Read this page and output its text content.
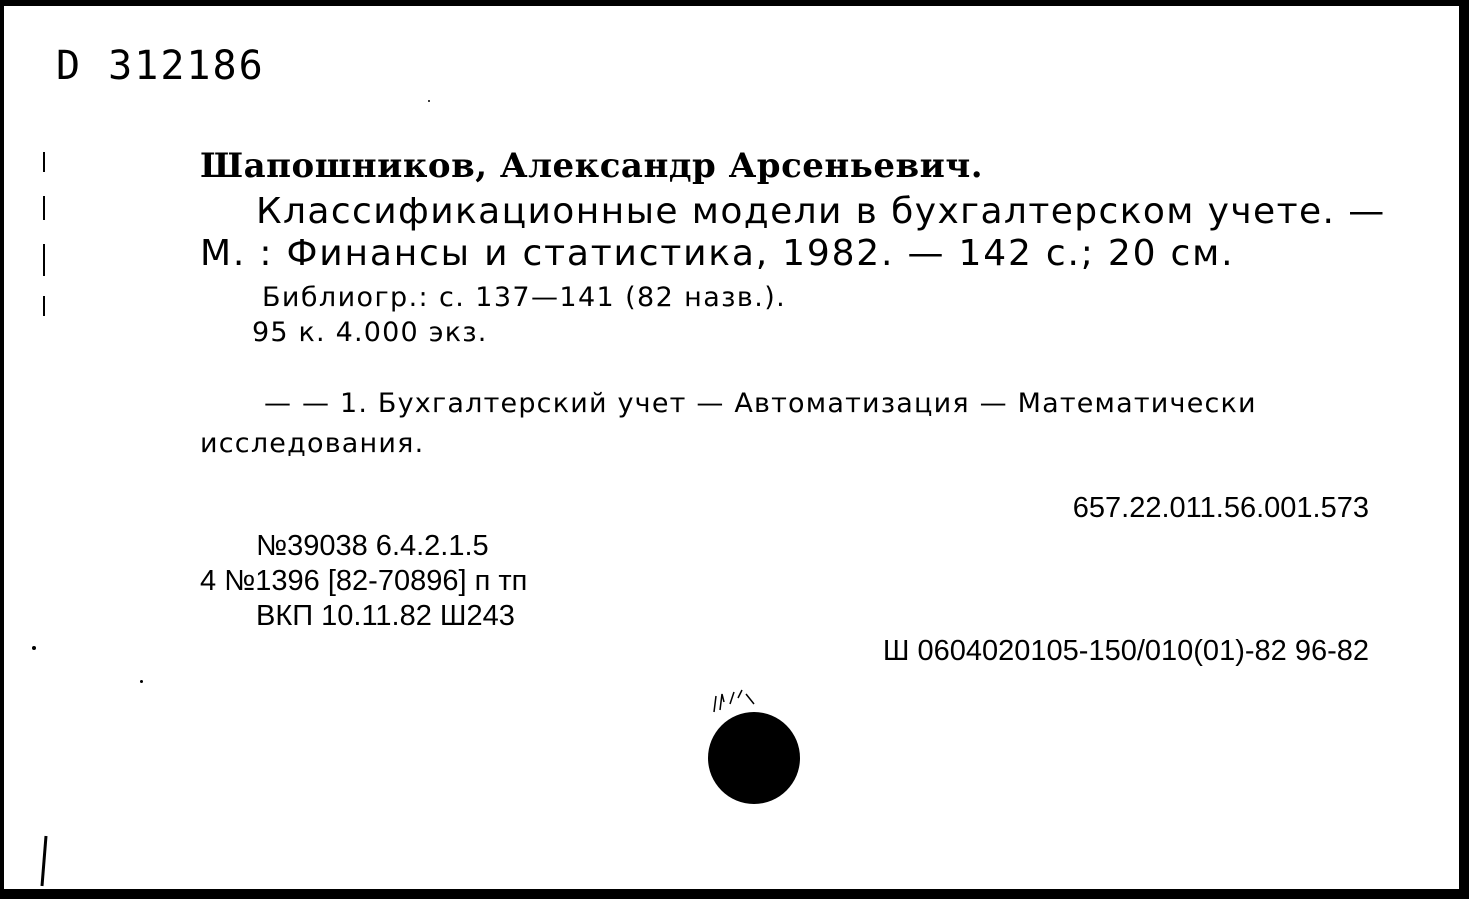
D 312186
Шапошников, Александр Арсеньевич.
Классификационные модели в бухгалтерском учете. —
М. : Финансы и статистика, 1982. — 142 с.; 20 см.
Библиогр.: с. 137—141 (82 назв.).
95 к. 4.000 экз.
— — 1. Бухгалтерский учет — Автоматизация — Математически
исследования.
657.22.011.56.001.573
№39038 6.4.2.1.5
4 №1396 [82-70896] п тп
ВКП 10.11.82 Ш243
Ш 0604020105-150/010(01)-82 96-82
